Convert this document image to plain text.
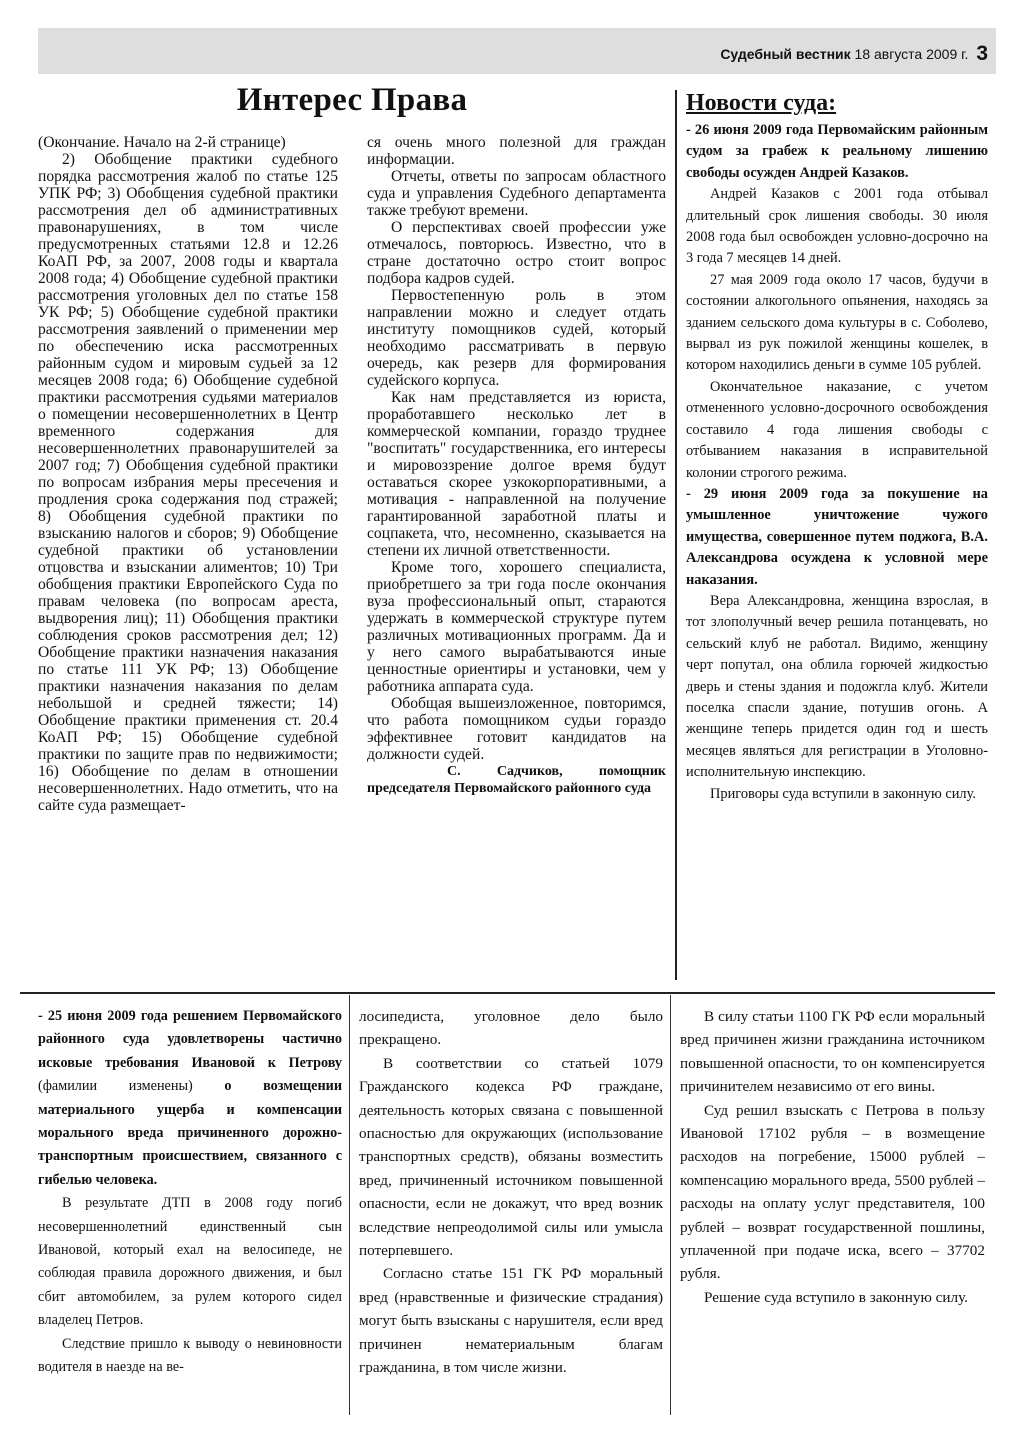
Судебный вестник 18 августа 2009 г. 3
Интерес Права	Новости суда:

(Окончание. Начало на 2-й странице)

2) Обобщение практики судебного порядка рассмотрения жалоб по статье 125 УПК РФ; 3) Обобщения судебной практики рассмотрения дел об административных правонарушениях, в том числе предусмотренных статьями 12.8 и 12.26 КоАП РФ, за 2007, 2008 годы и квартала 2008 года; 4) Обобщение судебной практики рассмотрения уголовных дел по статье 158 УК РФ; 5) Обобщение судебной практики рассмотрения заявлений о применении мер по обеспечению иска рассмотренных районным судом и мировым судьей за 12 месяцев 2008 года; 6) Обобщение судебной практики рассмотрения судьями материалов о помещении несовершеннолетних в Центр временного содержания для несовершеннолетних правонарушителей за 2007 год; 7) Обобщения судебной практики по вопросам избрания меры пресечения и продления срока содержания под стражей; 8) Обобщения судебной практики по взысканию налогов и сборов; 9) Обобщение судебной практики об установлении отцовства и взыскании алиментов; 10) Три обобщения практики Европейского Суда по правам человека (по вопросам ареста, выдворения лиц); 11) Обобщения практики соблюдения сроков рассмотрения дел; 12) Обобщение практики назначения наказания по статье 111 УК РФ; 13) Обобщение практики назначения наказания по делам небольшой и средней тяжести; 14) Обобщение практики применения ст. 20.4 КоАП РФ; 15) Обобщение судебной практики по защите прав по недвижимости; 16) Обобщение по делам в отношении несовершеннолетних. Надо отметить, что на сайте суда размещает-

ся очень много полезной для граждан информации.

Отчеты, ответы по запросам областного суда и управления Судебного департамента также требуют времени.

О перспективах своей профессии уже отмечалось, повторюсь. Известно, что в стране достаточно остро стоит вопрос подбора кадров судей.

Первостепенную роль в этом направлении можно и следует отдать институту помощников судей, который необходимо рассматривать в первую очередь, как резерв для формирования судейского корпуса.

Как нам представляется из юриста, проработавшего несколько лет в коммерческой компании, гораздо труднее "воспитать" государственника, его интересы и мировоззрение долгое время будут оставаться скорее узкокорпоративными, а мотивация - направленной на получение гарантированной заработной платы и соцпакета, что, несомненно, сказывается на степени их личной ответственности.

Кроме того, хорошего специалиста, приобретшего за три года после окончания вуза профессиональный опыт, стараются удержать в коммерческой структуре путем различных мотивационных программ. Да и у него самого вырабатываются иные ценностные ориентиры и установки, чем у работника аппарата суда.

Обобщая вышеизложенное, повторимся, что работа помощником судьи гораздо эффективнее готовит кандидатов на должности судей.

С. Садчиков, помощник председателя Первомайского районного суда

- 26 июня 2009 года Первомайским районным судом за грабеж к реальному лишению свободы осужден Андрей Казаков.

Андрей Казаков с 2001 года отбывал длительный срок лишения свободы. 30 июля 2008 года был освобожден условно-досрочно на 3 года 7 месяцев 14 дней.

27 мая 2009 года около 17 часов, будучи в состоянии алкогольного опьянения, находясь за зданием сельского дома культуры в с. Соболево, вырвал из рук пожилой женщины кошелек, в котором находились деньги в сумме 105 рублей.

Окончательное наказание, с учетом отмененного условно-досрочного освобождения составило 4 года лишения свободы с отбыванием наказания в исправительной колонии строгого режима.

- 29 июня 2009 года за покушение на умышленное уничтожение чужого имущества, совершенное путем поджога, В.А. Александрова осуждена к условной мере наказания.

Вера Александровна, женщина взрослая, в тот злополучный вечер решила потанцевать, но сельский клуб не работал. Видимо, женщину черт попутал, она облила горючей жидкостью дверь и стены здания и подожгла клуб. Жители поселка спасли здание, потушив огонь. А женщине теперь придется один год и шесть месяцев являться для регистрации в Уголовно-исполнительную инспекцию.

Приговоры суда вступили в законную силу.

- 25 июня 2009 года решением Первомайского районного суда удовлетворены частично исковые требования Ивановой к Петрову (фамилии изменены) о возмещении материального ущерба и компенсации морального вреда причиненного дорожно-транспортным происшествием, связанного с гибелью человека.

В результате ДТП в 2008 году погиб несовершеннолетний единственный сын Ивановой, который ехал на велосипеде, не соблюдая правила дорожного движения, и был сбит автомобилем, за рулем которого сидел владелец Петров.

Следствие пришло к выводу о невиновности водителя в наезде на ве-

лосипедиста, уголовное дело было прекращено.

В соответствии со статьей 1079 Гражданского кодекса РФ граждане, деятельность которых связана с повышенной опасностью для окружающих (использование транспортных средств), обязаны возместить вред, причиненный источником повышенной опасности, если не докажут, что вред возник вследствие непреодолимой силы или умысла потерпевшего.

Согласно статье 151 ГК РФ моральный вред (нравственные и физические страдания) могут быть взысканы с нарушителя, если вред причинен нематериальным благам гражданина, в том числе жизни.

В силу статьи 1100 ГК РФ если моральный вред причинен жизни гражданина источником повышенной опасности, то он компенсируется причинителем независимо от его вины.

Суд решил взыскать с Петрова в пользу Ивановой 17102 рубля – в возмещение расходов на погребение, 15000 рублей – компенсацию морального вреда, 5500 рублей – расходы на оплату услуг представителя, 100 рублей – возврат государственной пошлины, уплаченной при подаче иска, всего – 37702 рубля.

Решение суда вступило в законную силу.
